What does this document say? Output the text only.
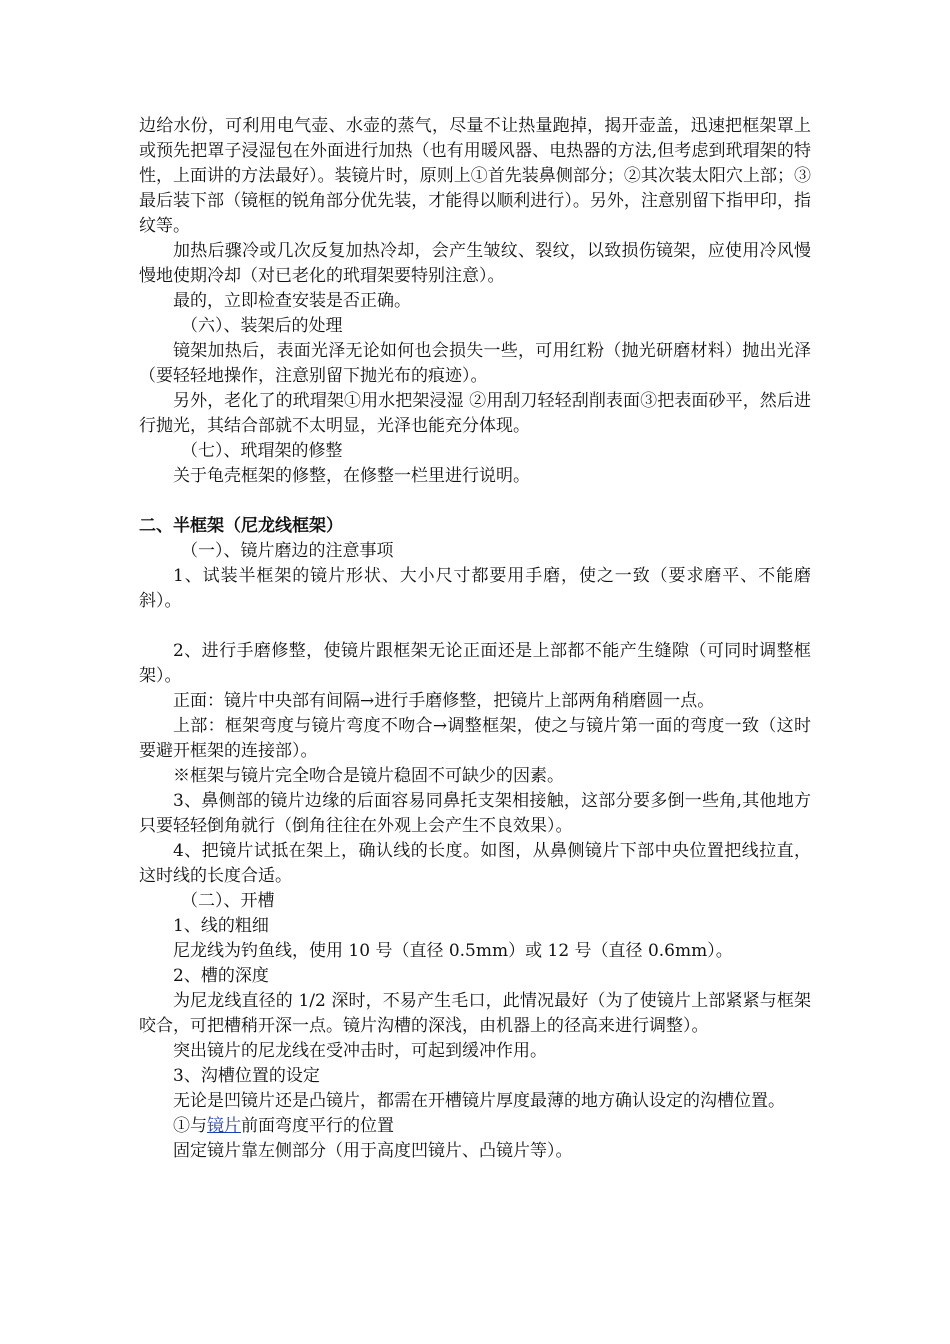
边给水份，可利用电气壶、水壶的蒸气，尽量不让热量跑掉，揭开壶盖，迅速把框架罩上或预先把罩子浸湿包在外面进行加热（也有用暖风器、电热器的方法,但考虑到玳瑁架的特性，上面讲的方法最好）。装镜片时，原则上①首先装鼻侧部分；②其次装太阳穴上部；③最后装下部（镜框的锐角部分优先装，才能得以顺利进行）。另外，注意别留下指甲印，指纹等。

加热后骤冷或几次反复加热冷却，会产生皱纹、裂纹，以致损伤镜架，应使用冷风慢慢地使期冷却（对已老化的玳瑁架要特别注意）。

最的，立即检查安装是否正确。

（六）、装架后的处理

镜架加热后，表面光泽无论如何也会损失一些，可用红粉（抛光研磨材料）抛出光泽（要轻轻地操作，注意别留下抛光布的痕迹）。

另外，老化了的玳瑁架①用水把架浸湿 ②用刮刀轻轻刮削表面③把表面砂平，然后进行抛光，其结合部就不太明显，光泽也能充分体现。

（七）、玳瑁架的修整

关于龟壳框架的修整，在修整一栏里进行说明。

二、半框架（尼龙线框架）

（一）、镜片磨边的注意事项

1、试装半框架的镜片形状、大小尺寸都要用手磨，使之一致（要求磨平、不能磨斜）。

2、进行手磨修整，使镜片跟框架无论正面还是上部都不能产生缝隙（可同时调整框架）。

正面：镜片中央部有间隔→进行手磨修整，把镜片上部两角稍磨圆一点。

上部：框架弯度与镜片弯度不吻合→调整框架，使之与镜片第一面的弯度一致（这时要避开框架的连接部）。

※框架与镜片完全吻合是镜片稳固不可缺少的因素。

3、鼻侧部的镜片边缘的后面容易同鼻托支架相接触，这部分要多倒一些角,其他地方只要轻轻倒角就行（倒角往往在外观上会产生不良效果）。

4、把镜片试抵在架上，确认线的长度。如图，从鼻侧镜片下部中央位置把线拉直，这时线的长度合适。

（二）、开槽

1、线的粗细

尼龙线为钓鱼线，使用 10 号（直径 0.5mm）或 12 号（直径 0.6mm）。

2、槽的深度

为尼龙线直径的 1/2 深时，不易产生毛口，此情况最好（为了使镜片上部紧紧与框架咬合，可把槽稍开深一点。镜片沟槽的深浅，由机器上的径高来进行调整）。

突出镜片的尼龙线在受冲击时，可起到缓冲作用。

3、沟槽位置的设定

无论是凹镜片还是凸镜片，都需在开槽镜片厚度最薄的地方确认设定的沟槽位置。

①与镜片前面弯度平行的位置

固定镜片靠左侧部分（用于高度凹镜片、凸镜片等）。
